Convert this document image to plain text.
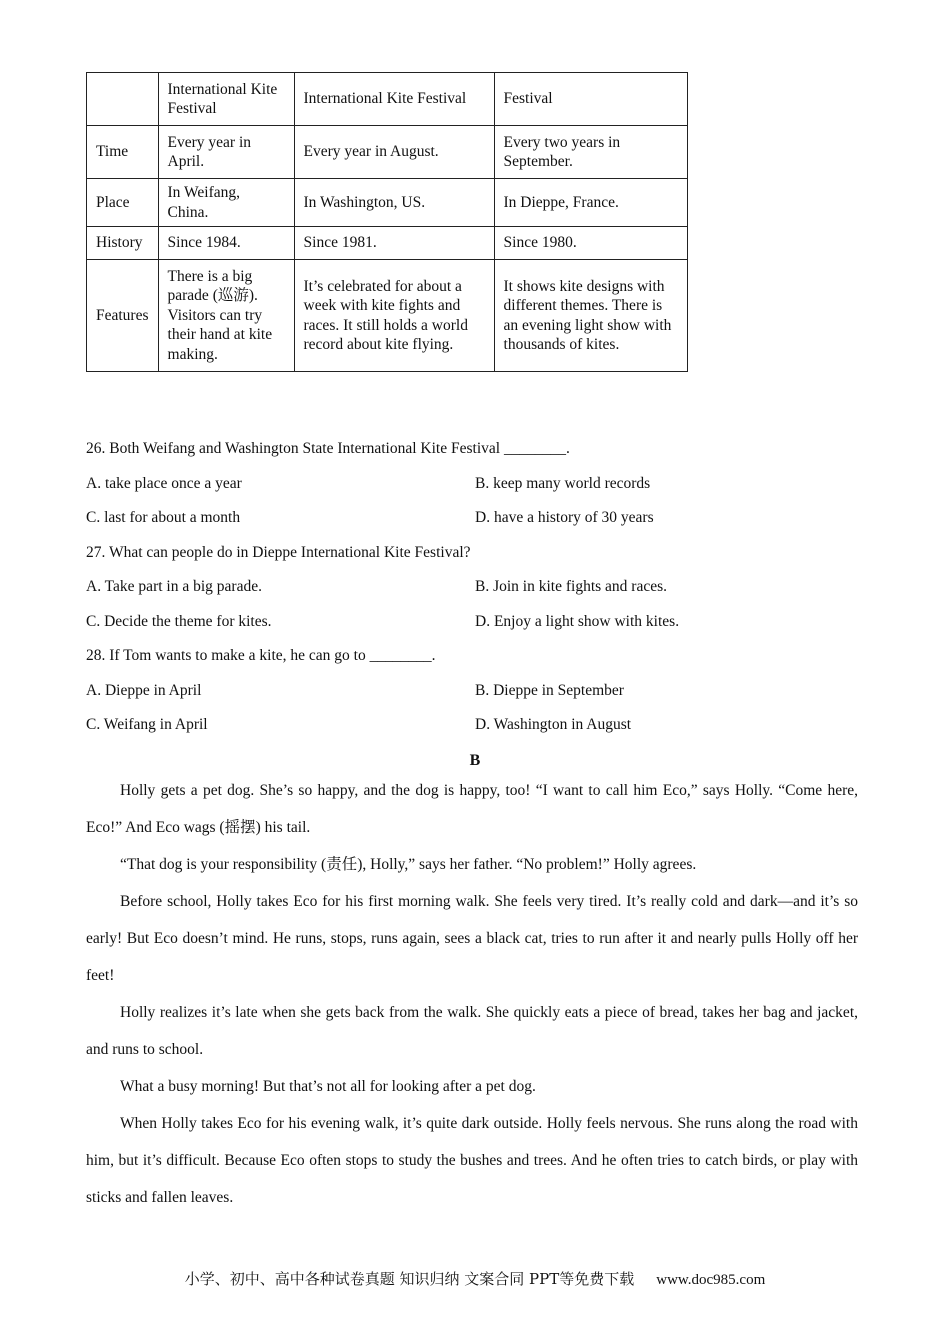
	International Kite Festival	International Kite Festival	Festival
Time	Every year in April.	Every year in August.	Every two years in September.
Place	In Weifang, China.	In Washington, US.	In Dieppe, France.
History	Since 1984.	Since 1981.	Since 1980.
Features	There is a big parade (巡游). Visitors can try their hand at kite making.	It’s celebrated for about a week with kite fights and races. It still holds a world record about kite flying.	It shows kite designs with different themes. There is an evening light show with thousands of kites.
26. Both Weifang and Washington State International Kite Festival ________.
A. take place once a year	B. keep many world records
C. last for about a month	D. have a history of 30 years
27. What can people do in Dieppe International Kite Festival?
A. Take part in a big parade.	B. Join in kite fights and races.
C. Decide the theme for kites.	D. Enjoy a light show with kites.
28. If Tom wants to make a kite, he can go to ________.
A. Dieppe in April	B. Dieppe in September
C. Weifang in April	D. Washington in August
B

Holly gets a pet dog. She’s so happy, and the dog is happy, too! “I want to call him Eco,” says Holly. “Come here, Eco!” And Eco wags (摇摆) his tail.

“That dog is your responsibility (责任), Holly,” says her father. “No problem!” Holly agrees.

Before school, Holly takes Eco for his first morning walk. She feels very tired. It’s really cold and dark—and it’s so early! But Eco doesn’t mind. He runs, stops, runs again, sees a black cat, tries to run after it and nearly pulls Holly off her feet!

Holly realizes it’s late when she gets back from the walk. She quickly eats a piece of bread, takes her bag and jacket, and runs to school.

What a busy morning! But that’s not all for looking after a pet dog.

When Holly takes Eco for his evening walk, it’s quite dark outside. Holly feels nervous. She runs along the road with him, but it’s difficult. Because Eco often stops to study the bushes and trees. And he often tries to catch birds, or play with sticks and fallen leaves.

小学、初中、高中各种试卷真题 知识归纳 文案合同 PPT等免费下载 www.doc985.com
